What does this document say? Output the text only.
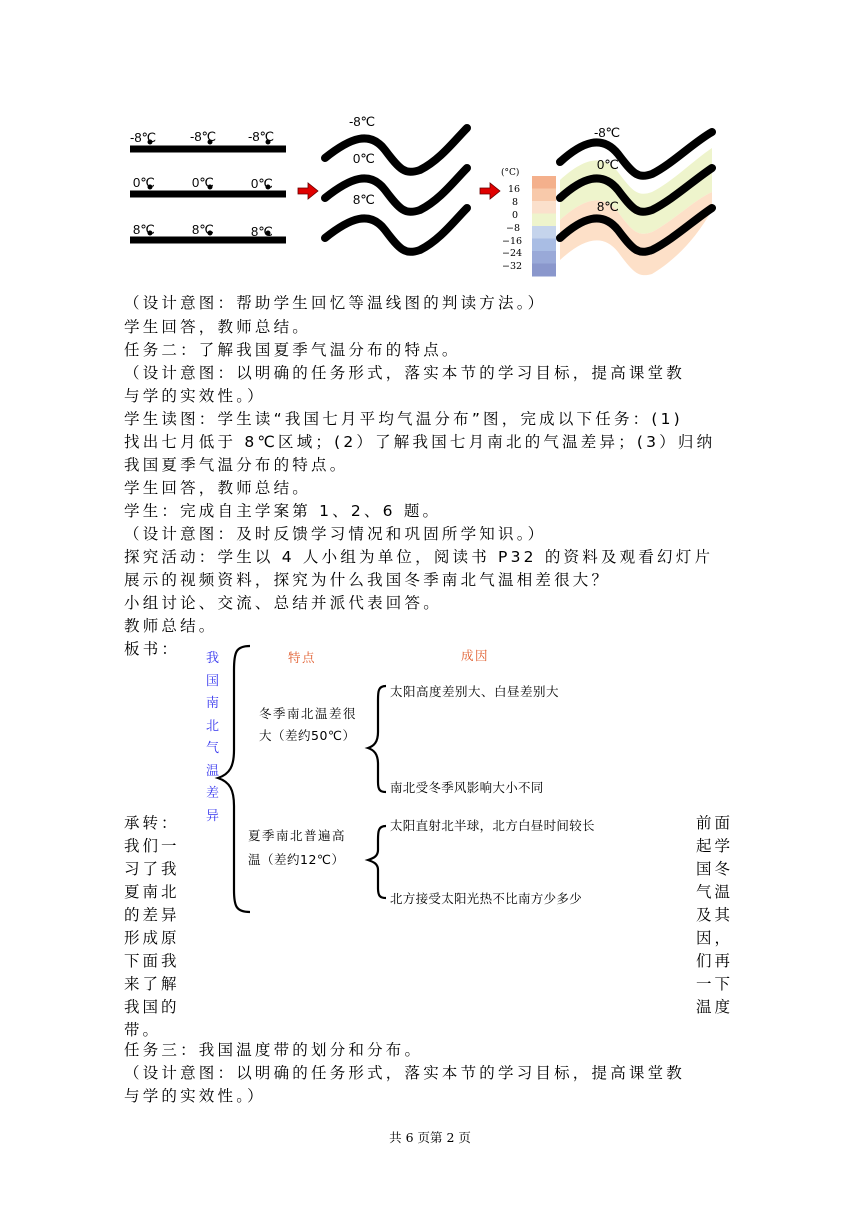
-8℃	-8℃ -8℃
0℃	0℃	0℃
8℃	8℃	8℃
-8℃
0℃
8℃
(°C)
16
8
0
−8
−16
−24
−32
-8℃
0℃
8℃
（设计意图：帮助学生回忆等温线图的判读方法。）
学生回答，教师总结。
任务二：了解我国夏季气温分布的特点。
（设计意图：以明确的任务形式，落实本节的学习目标，提高课堂教
与学的实效性。）
学生读图：学生读“我国七月平均气温分布”图，完成以下任务：(1)
找出七月低于 8℃区域；(2）了解我国七月南北的气温差异；(3）归纳
我国夏季气温分布的特点。
学生回答，教师总结。
学生：完成自主学案第 1、2、6 题。
（设计意图：及时反馈学习情况和巩固所学知识。）
探究活动：学生以 4 人小组为单位，阅读书 P32 的资料及观看幻灯片
展示的视频资料，探究为什么我国冬季南北气温相差很大？
小组讨论、交流、总结并派代表回答。
教师总结。
板书：
我
国
南
北
气
温
差
异
特点	成因
冬季南北温差很
大（差约50℃）
太阳高度差别大、白昼差别大
南北受冬季风影响大小不同
夏季南北普遍高
温（差约12℃）
太阳直射北半球，北方白昼时间较长
北方接受太阳光热不比南方少多少
承转：
我们一
习了我
夏南北
的差异
形成原
下面我
来了解
我国的
带。
前面
起学
国冬
气温
及其
因，
们再
一下
温度
任务三：我国温度带的划分和分布。
（设计意图：以明确的任务形式，落实本节的学习目标，提高课堂教
与学的实效性。）
共 6 页第 2 页
